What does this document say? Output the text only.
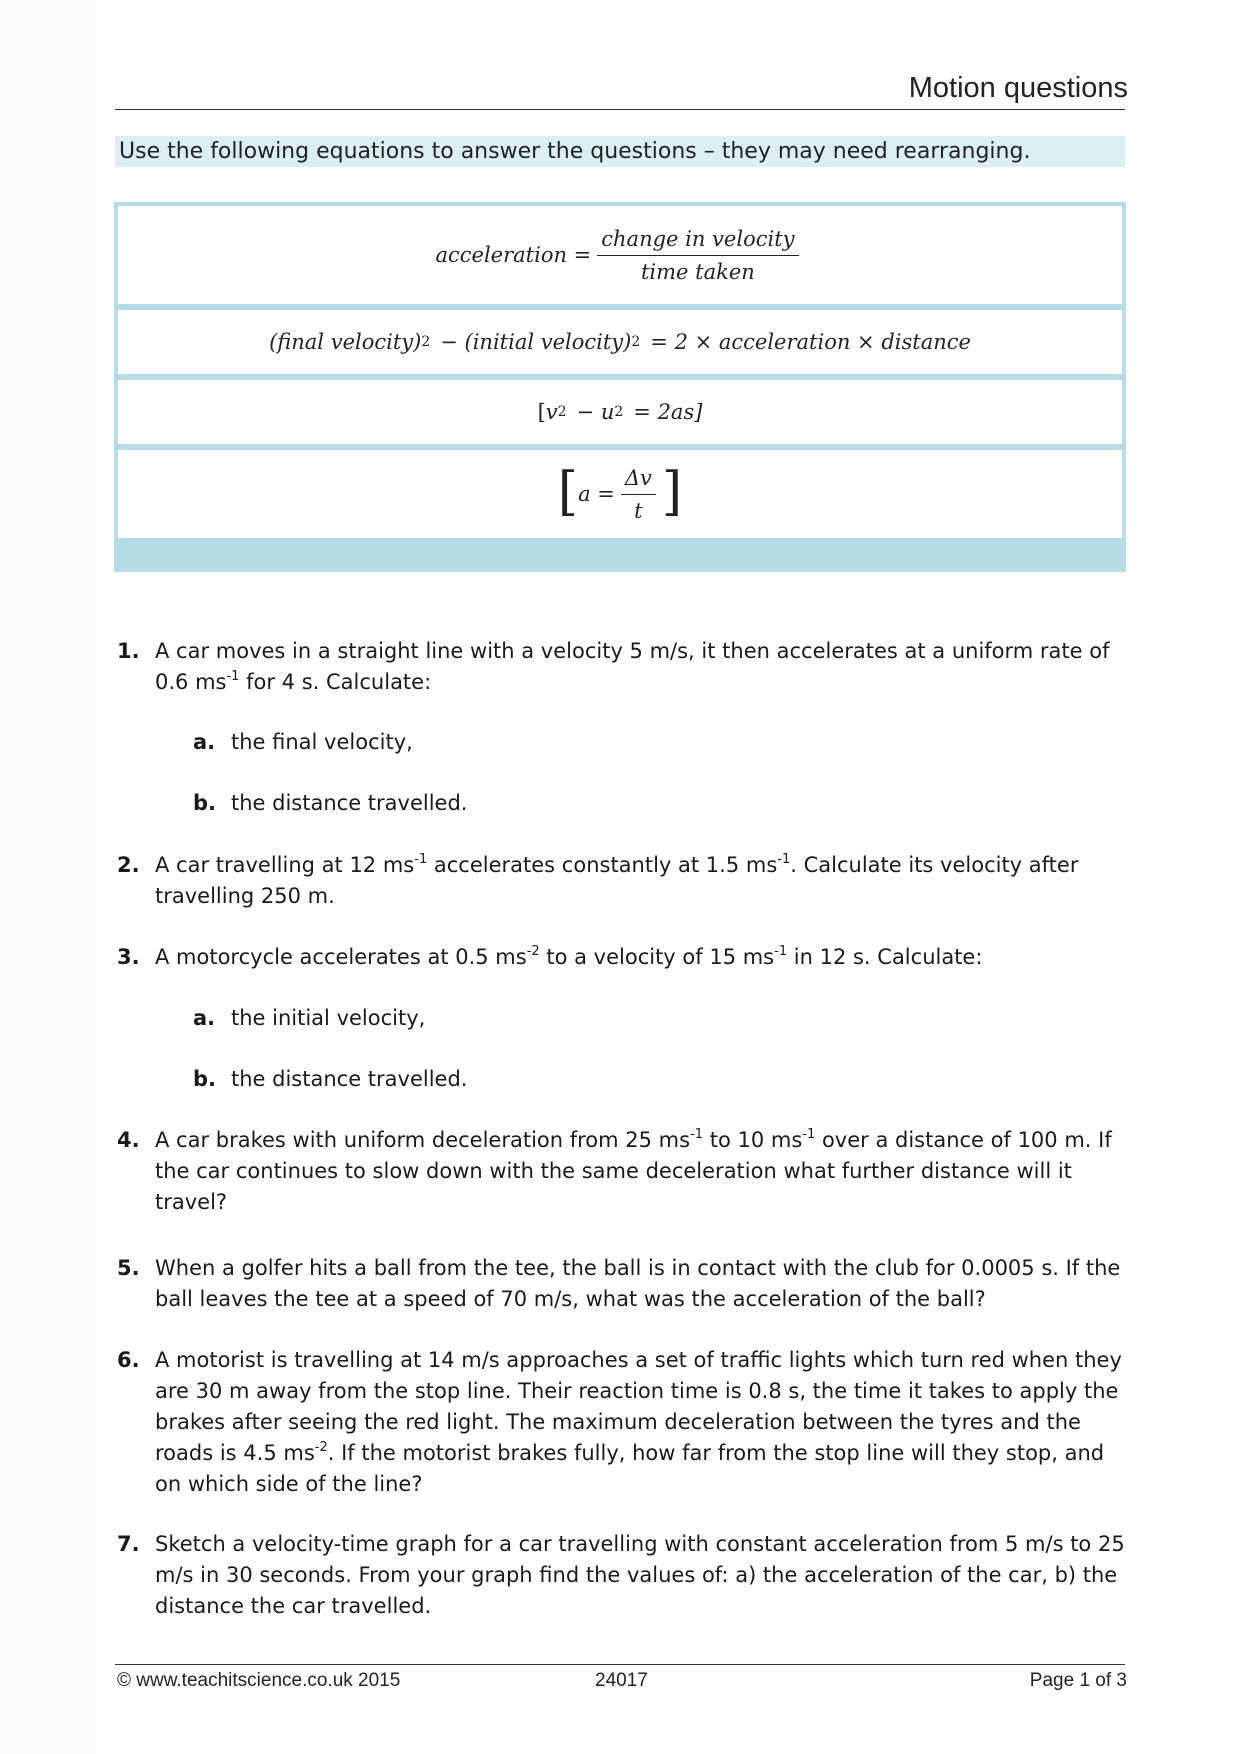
Motion questions
Use the following equations to answer the questions – they may need rearranging.
acceleration = $\frac{\text{change in velocity}}{\text{time taken}}$
(final velocity) 2 − (initial velocity) 2 = 2 × acceleration × distance
[ v 2 − u 2 = 2as]
[ $a = \frac{\Delta v}{t}$ ]
1. A car moves in a straight line with a velocity 5 m/s, it then accelerates at a uniform rate of 0.6 $ms^{-1}$ for 4 s. Calculate:
a. the final velocity,
b. the distance travelled.
2. A car travelling at 12 $ms^{-1}$ accelerates constantly at 1.5 $ms^{-1}$. Calculate its velocity after travelling 250 m.
3. A motorcycle accelerates at 0.5 $ms^{-2}$ to a velocity of 15 $ms^{-1}$ in 12 s. Calculate:
a. the initial velocity,
b. the distance travelled.
4. A car brakes with uniform deceleration from 25 $ms^{-1}$ to 10 $ms^{-1}$ over a distance of 100 m. If the car continues to slow down with the same deceleration what further distance will it travel?
5. When a golfer hits a ball from the tee, the ball is in contact with the club for 0.0005 s. If the ball leaves the tee at a speed of 70 m/s, what was the acceleration of the ball?
6. A motorist is travelling at 14 m/s approaches a set of traffic lights which turn red when they are 30 m away from the stop line. Their reaction time is 0.8 s, the time it takes to apply the brakes after seeing the red light. The maximum deceleration between the tyres and the roads is 4.5 $ms^{-2}$. If the motorist brakes fully, how far from the stop line will they stop, and on which side of the line?
7. Sketch a velocity-time graph for a car travelling with constant acceleration from 5 m/s to 25 m/s in 30 seconds. From your graph find the values of: a) the acceleration of the car, b) the distance the car travelled.
© www.teachitscience.co.uk 2015	24017	Page 1 of 3
